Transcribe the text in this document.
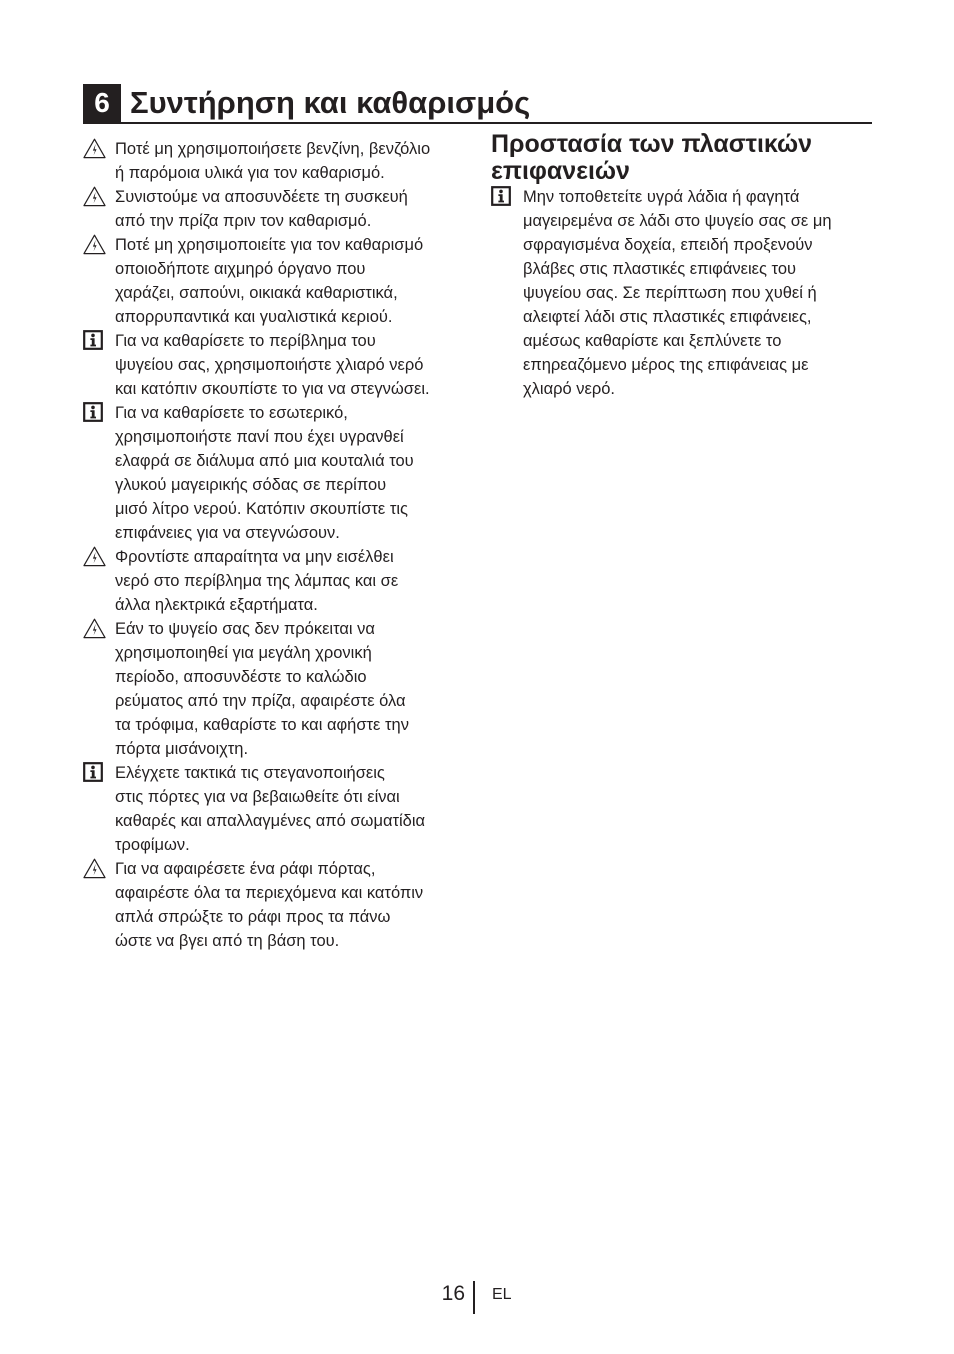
6 Συντήρηση και καθαρισμός
Ποτέ μη χρησιμοποιήσετε βενζίνη, βενζόλιο
ή παρόμοια υλικά για τον καθαρισμό.
Συνιστούμε να αποσυνδέετε τη συσκευή
από την πρίζα πριν τον καθαρισμό.
Ποτέ μη χρησιμοποιείτε για τον καθαρισμό
οποιοδήποτε αιχμηρό όργανο που
χαράζει, σαπούνι, οικιακά καθαριστικά,
απορρυπαντικά και γυαλιστικά κεριού.
Για να καθαρίσετε το περίβλημα του
ψυγείου σας, χρησιμοποιήστε χλιαρό νερό
και κατόπιν σκουπίστε το για να στεγνώσει.
Για να καθαρίσετε το εσωτερικό,
χρησιμοποιήστε πανί που έχει υγρανθεί
ελαφρά σε διάλυμα από μια κουταλιά του
γλυκού μαγειρικής σόδας σε περίπου
μισό λίτρο νερού. Κατόπιν σκουπίστε τις
επιφάνειες για να στεγνώσουν.
Φροντίστε απαραίτητα να μην εισέλθει
νερό στο περίβλημα της λάμπας και σε
άλλα ηλεκτρικά εξαρτήματα.
Εάν το ψυγείο σας δεν πρόκειται να
χρησιμοποιηθεί για μεγάλη χρονική
περίοδο, αποσυνδέστε το καλώδιο
ρεύματος από την πρίζα, αφαιρέστε όλα
τα τρόφιμα, καθαρίστε το και αφήστε την
πόρτα μισάνοιχτη.
Ελέγχετε τακτικά τις στεγανοποιήσεις
στις πόρτες για να βεβαιωθείτε ότι είναι
καθαρές και απαλλαγμένες από σωματίδια
τροφίμων.
Για να αφαιρέσετε ένα ράφι πόρτας,
αφαιρέστε όλα τα περιεχόμενα και κατόπιν
απλά σπρώξτε το ράφι προς τα πάνω
ώστε να βγει από τη βάση του.
Προστασία των πλαστικών
επιφανειών
Μην τοποθετείτε υγρά λάδια ή φαγητά
μαγειρεμένα σε λάδι στο ψυγείο σας σε μη
σφραγισμένα δοχεία, επειδή προξενούν
βλάβες στις πλαστικές επιφάνειες του
ψυγείου σας. Σε περίπτωση που χυθεί ή
αλειφτεί λάδι στις πλαστικές επιφάνειες,
αμέσως καθαρίστε και ξεπλύνετε το
επηρεαζόμενο μέρος της επιφάνειας με
χλιαρό νερό.
16 EL
